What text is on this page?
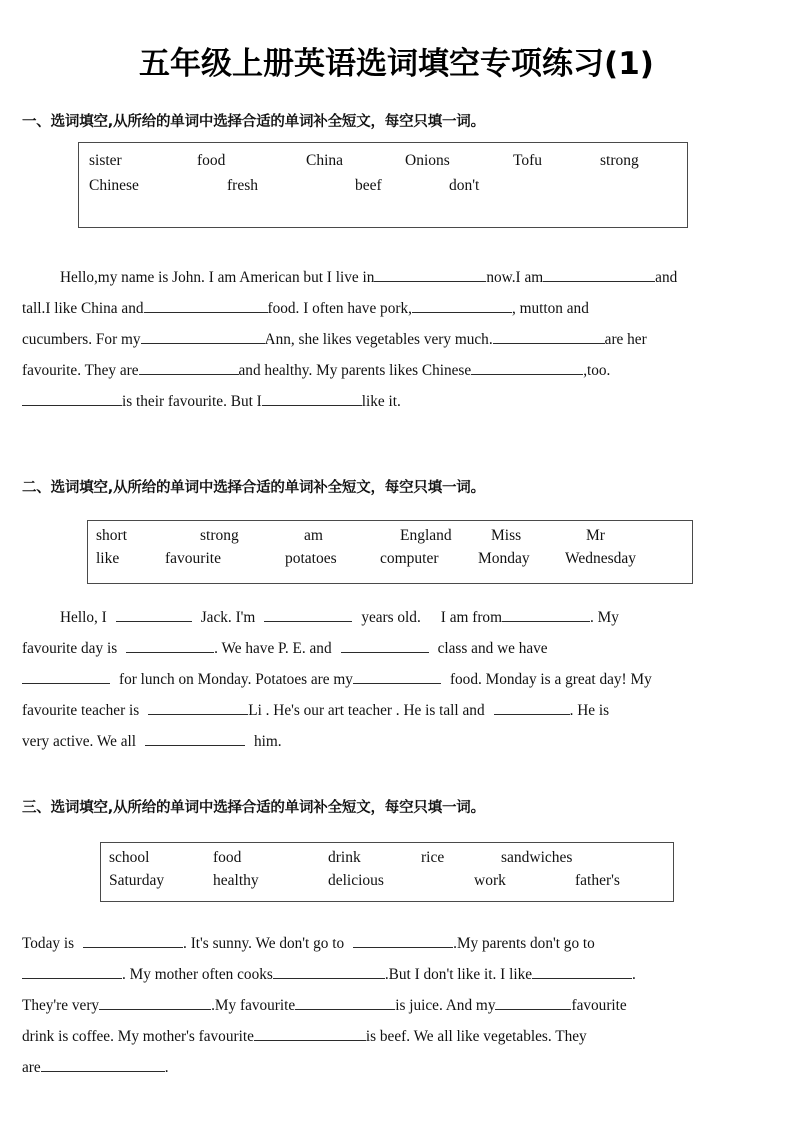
五年级上册英语选词填空专项练习(1)
一、选词填空,从所给的单词中选择合适的单词补全短文，每空只填一词。
sister	food	China	Onions	Tofu	strong
Chinese	fresh	beef	don't
Hello,my name is John. I am American but I live in	now.I am	and
tall.I like China and	food. I often have pork,	, mutton and
cucumbers. For my	Ann, she likes vegetables very much.	are her
favourite. They are	and healthy. My parents likes Chinese	,too.
is their favourite. But I	like it.
二、选词填空,从所给的单词中选择合适的单词补全短文，每空只填一词。
short	strong	am	England	Miss	Mr
like	favourite	potatoes	computer	Monday Wednesday
Hello, I	Jack. I'm	years old. I am from	. My
favourite day is	. We have P. E. and	class and we have
for lunch on Monday. Potatoes are my	food. Monday is a great day! My
favourite teacher is	Li . He's our art teacher . He is tall and	. He is
very active. We all	him.
三、选词填空,从所给的单词中选择合适的单词补全短文，每空只填一词。
school	food	drink	rice	sandwiches
Saturday	healthy	delicious	work	father's
Today is	. It's sunny. We don't go to	.My parents don't go to
. My mother often cooks	.But I don't like it. I like	.
They're very	.My favourite	is juice. And my	favourite
drink is coffee. My mother's favourite	is beef. We all like vegetables. They
are	.
